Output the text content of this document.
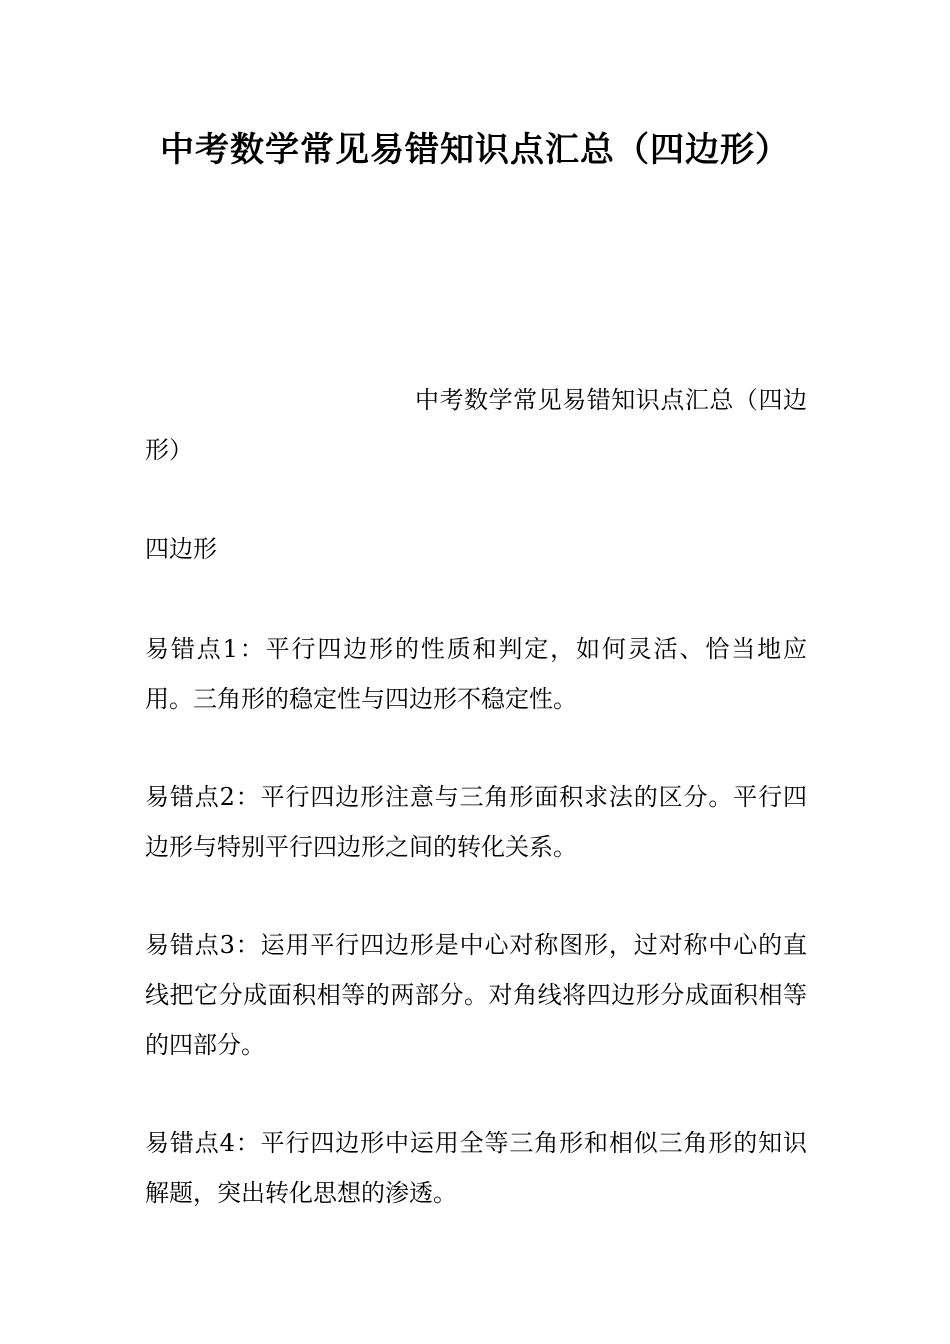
中考数学常见易错知识点汇总（四边形）

中考数学常见易错知识点汇总（四边形）

四边形

易错点1：平行四边形的性质和判定，如何灵活、恰当地应用。三角形的稳定性与四边形不稳定性。

易错点2：平行四边形注意与三角形面积求法的区分。平行四边形与特别平行四边形之间的转化关系。

易错点3：运用平行四边形是中心对称图形，过对称中心的直线把它分成面积相等的两部分。对角线将四边形分成面积相等的四部分。

易错点4：平行四边形中运用全等三角形和相似三角形的知识解题，突出转化思想的渗透。
